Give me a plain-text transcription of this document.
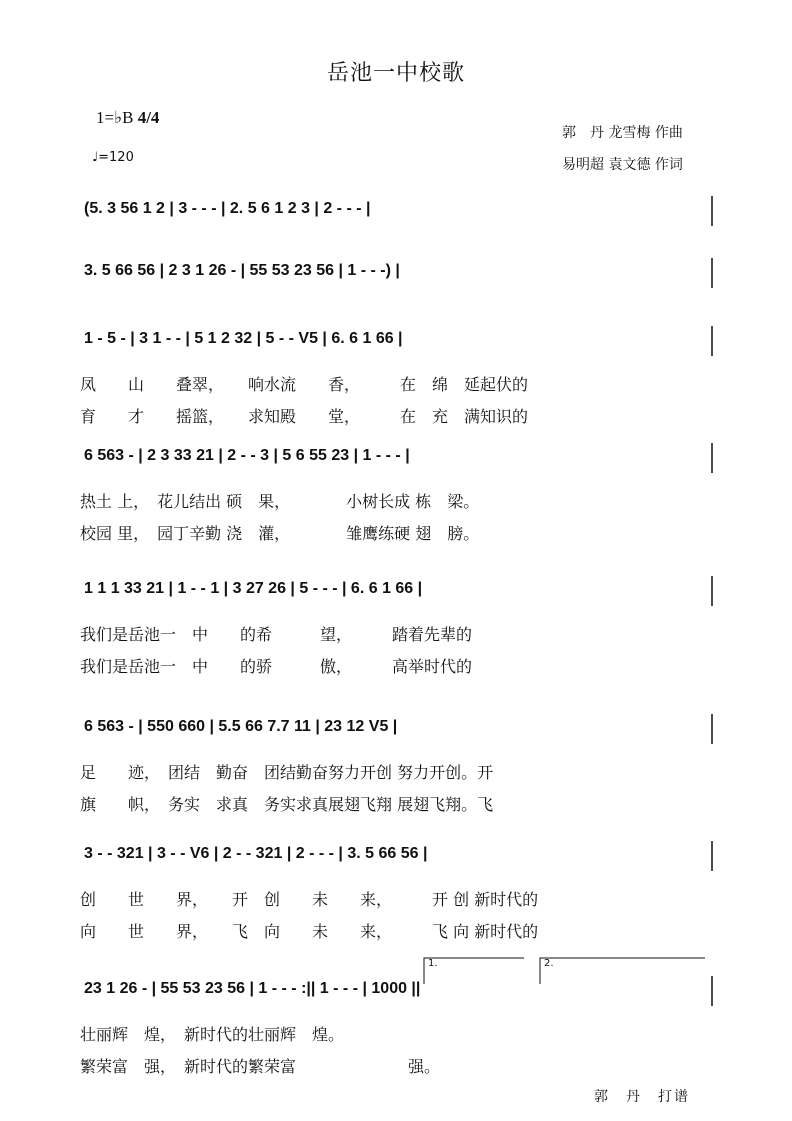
岳池一中校歌
1=♭B 4/4
♩=120
郭　丹 龙雪梅 作曲
易明超 袁文德 作词
(5. 3 56 1 2 | 3 - - - | 2. 5 6 1 2 3 | 2 - - - |
3. 5 66 56 | 2 3 1 26 - | 55 53 23 56 | 1 - - -) |
1 - 5 - | 3 1 - - | 5 1 2 32 | 5 - - V5 | 6. 6 1 66 |
凤　　山　　叠翠，　　响水流　　香，　　　在　绵　延起伏的
育　　才　　摇篮，　　求知殿　　堂，　　　在　充　满知识的
6 563 - | 2 3 33 21 | 2 - - 3 | 5 6 55 23 | 1 - - - |
热土 上，　花儿结出 硕　果，　　　　小树长成 栋　梁。
校园 里，　园丁辛勤 浇　灌，　　　　雏鹰练硬 翅　膀。
1 1 1 33 21 | 1 - - 1 | 3 27 26 | 5 - - - | 6. 6 1 66 |
我们是岳池一　中　　的希　　　望，　　　踏着先辈的
我们是岳池一　中　　的骄　　　傲，　　　高举时代的
6 563 - | 550 660 | 5.5 66 7.7 11 | 23 12 V5 |
足　　迹，　团结　勤奋　团结勤奋努力开创 努力开创。开
旗　　帜，　务实　求真　务实求真展翅飞翔 展翅飞翔。飞
3 - - 321 | 3 - - V6 | 2 - - 321 | 2 - - - | 3. 5 66 56 |
创　　世　　界，　　开　创　　未　　来，　　　开 创 新时代的
向　　世　　界，　　飞　向　　未　　来，　　　飞 向 新时代的
23 1 26 - | 55 53 23 56 | 1 - - - :|| 1 - - - | 1000 ||
壮丽辉　煌，　新时代的壮丽辉　煌。
繁荣富　强，　新时代的繁荣富　　　　　　　强。
1.	2.
郭　丹　打谱
